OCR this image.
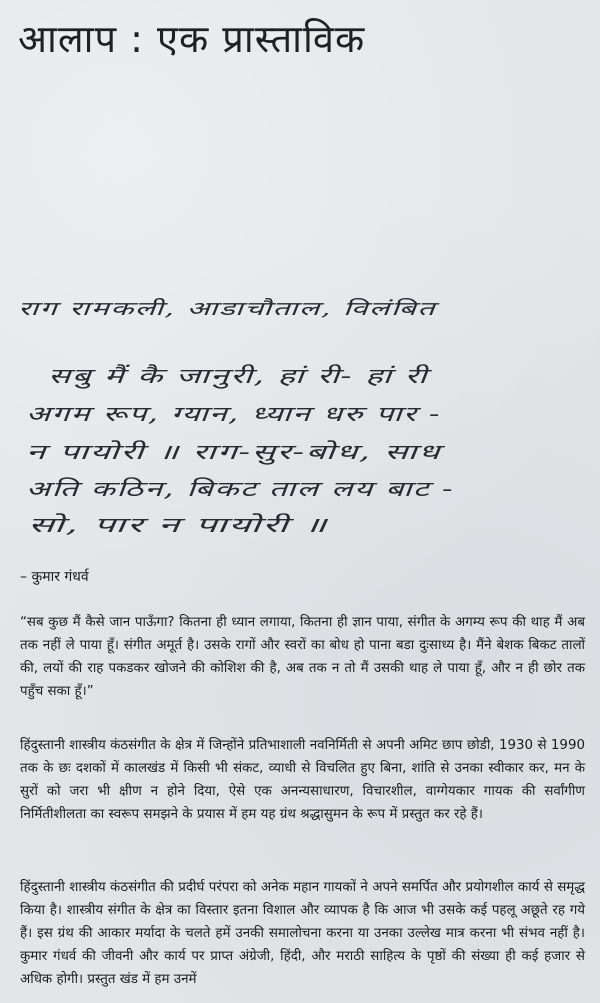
आलाप : एक प्रास्ताविक
राग रामकली, आडाचौताल, विलंबित
सबु मैं कै जानुरी, हां री- हां री
अगम रूप, ग्यान, ध्यान धरु पार -
न पायोरी ॥ राग-सुर-बोध, साध
अति कठिन, बिकट ताल लय बाट -
सो, पार न पायोरी ॥

– कुमार गंधर्व

“सब कुछ मैं कैसे जान पाऊँगा? कितना ही ध्यान लगाया, कितना ही ज्ञान पाया, संगीत के अगम्य रूप की थाह मैं अब तक नहीं ले पाया हूँ। संगीत अमूर्त है। उसके रागों और स्वरों का बोध हो पाना बडा दुःसाध्य है। मैंने बेशक बिकट तालों की, लयों की राह पकडकर खोजने की कोशिश की है, अब तक न तो मैं उसकी थाह ले पाया हूँ, और न ही छोर तक पहुँच सका हूँ।”

हिंदुस्तानी शास्त्रीय कंठसंगीत के क्षेत्र में जिन्होंने प्रतिभाशाली नवनिर्मिती से अपनी अमिट छाप छोडी, 1930 से 1990 तक के छः दशकों में कालखंड में किसी भी संकट, व्याधी से विचलित हुए बिना, शांति से उनका स्वीकार कर, मन के सुरों को जरा भी क्षीण न होने दिया, ऐसे एक अनन्यसाधारण, विचारशील, वाग्गेयकार गायक की सर्वांगीण निर्मितीशीलता का स्वरूप समझने के प्रयास में हम यह ग्रंथ श्रद्धासुमन के रूप में प्रस्तुत कर रहे हैं।

हिंदुस्तानी शास्त्रीय कंठसंगीत की प्रदीर्घ परंपरा को अनेक महान गायकों ने अपने समर्पित और प्रयोगशील कार्य से समृद्ध किया है। शास्त्रीय संगीत के क्षेत्र का विस्तार इतना विशाल और व्यापक है कि आज भी उसके कई पहलू अछूते रह गये हैं। इस ग्रंथ की आकार मर्यादा के चलते हमें उनकी समालोचना करना या उनका उल्लेख मात्र करना भी संभव नहीं है। कुमार गंधर्व की जीवनी और कार्य पर प्राप्त अंग्रेजी, हिंदी, और मराठी साहित्य के पृष्ठों की संख्या ही कई हजार से अधिक होगी। प्रस्तुत खंड में हम उनमें
